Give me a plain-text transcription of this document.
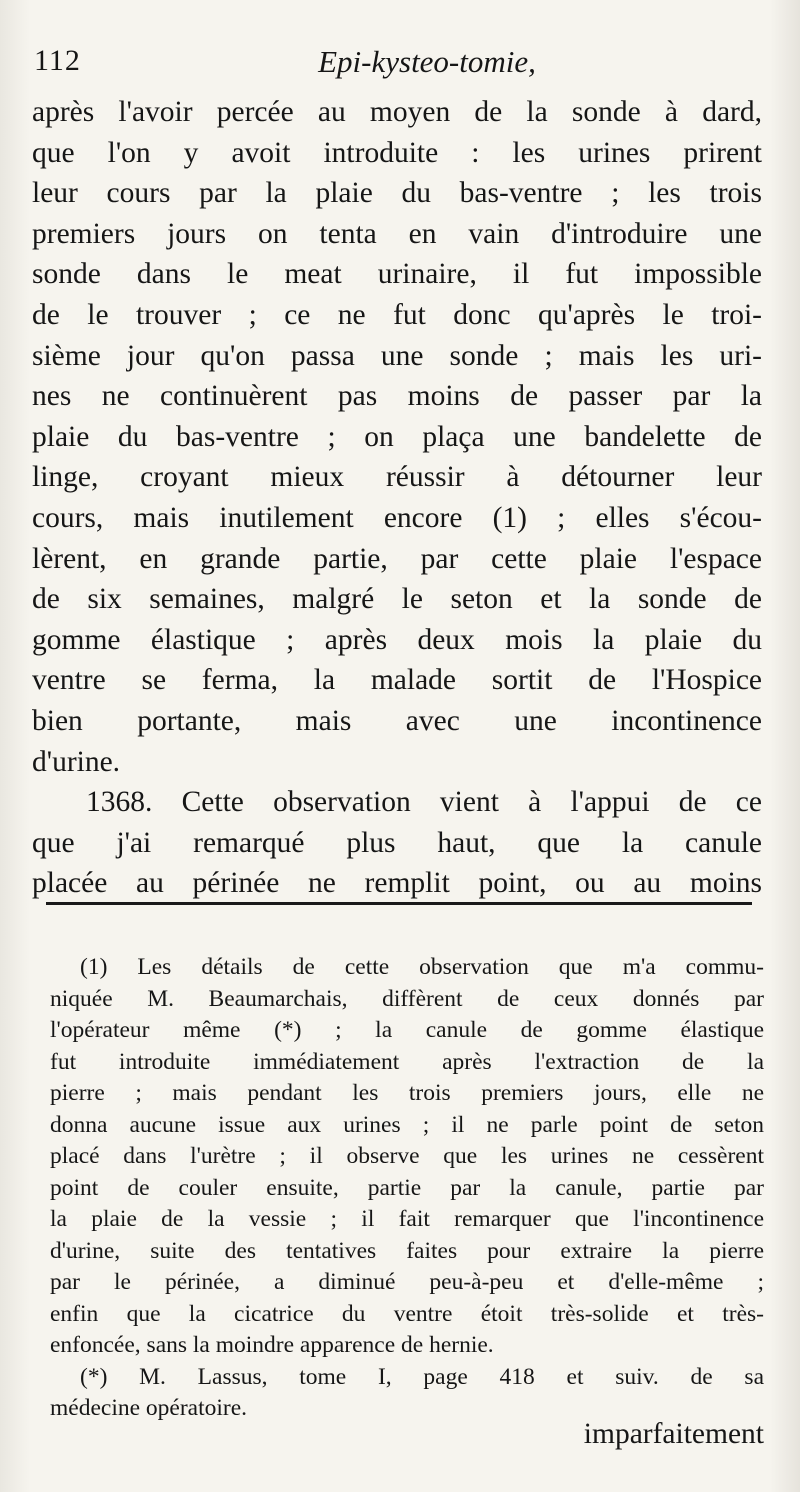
112	Epi-kysteo-tomie,
après l'avoir percée au moyen de la sonde à dard,
que l'on y avoit introduite : les urines prirent
leur cours par la plaie du bas-ventre ; les trois
premiers jours on tenta en vain d'introduire une
sonde dans le meat urinaire, il fut impossible
de le trouver ; ce ne fut donc qu'après le troi-
sième jour qu'on passa une sonde ; mais les uri-
nes ne continuèrent pas moins de passer par la
plaie du bas-ventre ; on plaça une bandelette de
linge, croyant mieux réussir à détourner leur
cours, mais inutilement encore (1) ; elles s'écou-
lèrent, en grande partie, par cette plaie l'espace
de six semaines, malgré le seton et la sonde de
gomme élastique ; après deux mois la plaie du
ventre se ferma, la malade sortit de l'Hospice
bien portante, mais avec une incontinence
d'urine.
1368. Cette observation vient à l'appui de ce
que j'ai remarqué plus haut, que la canule
placée au périnée ne remplit point, ou au moins
(1) Les détails de cette observation que m'a commu-
niquée M. Beaumarchais, diffèrent de ceux donnés par
l'opérateur même (*) ; la canule de gomme élastique
fut introduite immédiatement après l'extraction de la
pierre ; mais pendant les trois premiers jours, elle ne
donna aucune issue aux urines ; il ne parle point de seton
placé dans l'urètre ; il observe que les urines ne cessèrent
point de couler ensuite, partie par la canule, partie par
la plaie de la vessie ; il fait remarquer que l'incontinence
d'urine, suite des tentatives faites pour extraire la pierre
par le périnée, a diminué peu-à-peu et d'elle-même ;
enfin que la cicatrice du ventre étoit très-solide et très-
enfoncée, sans la moindre apparence de hernie.
(*) M. Lassus, tome I, page 418 et suiv. de sa
médecine opératoire.
imparfaitement
